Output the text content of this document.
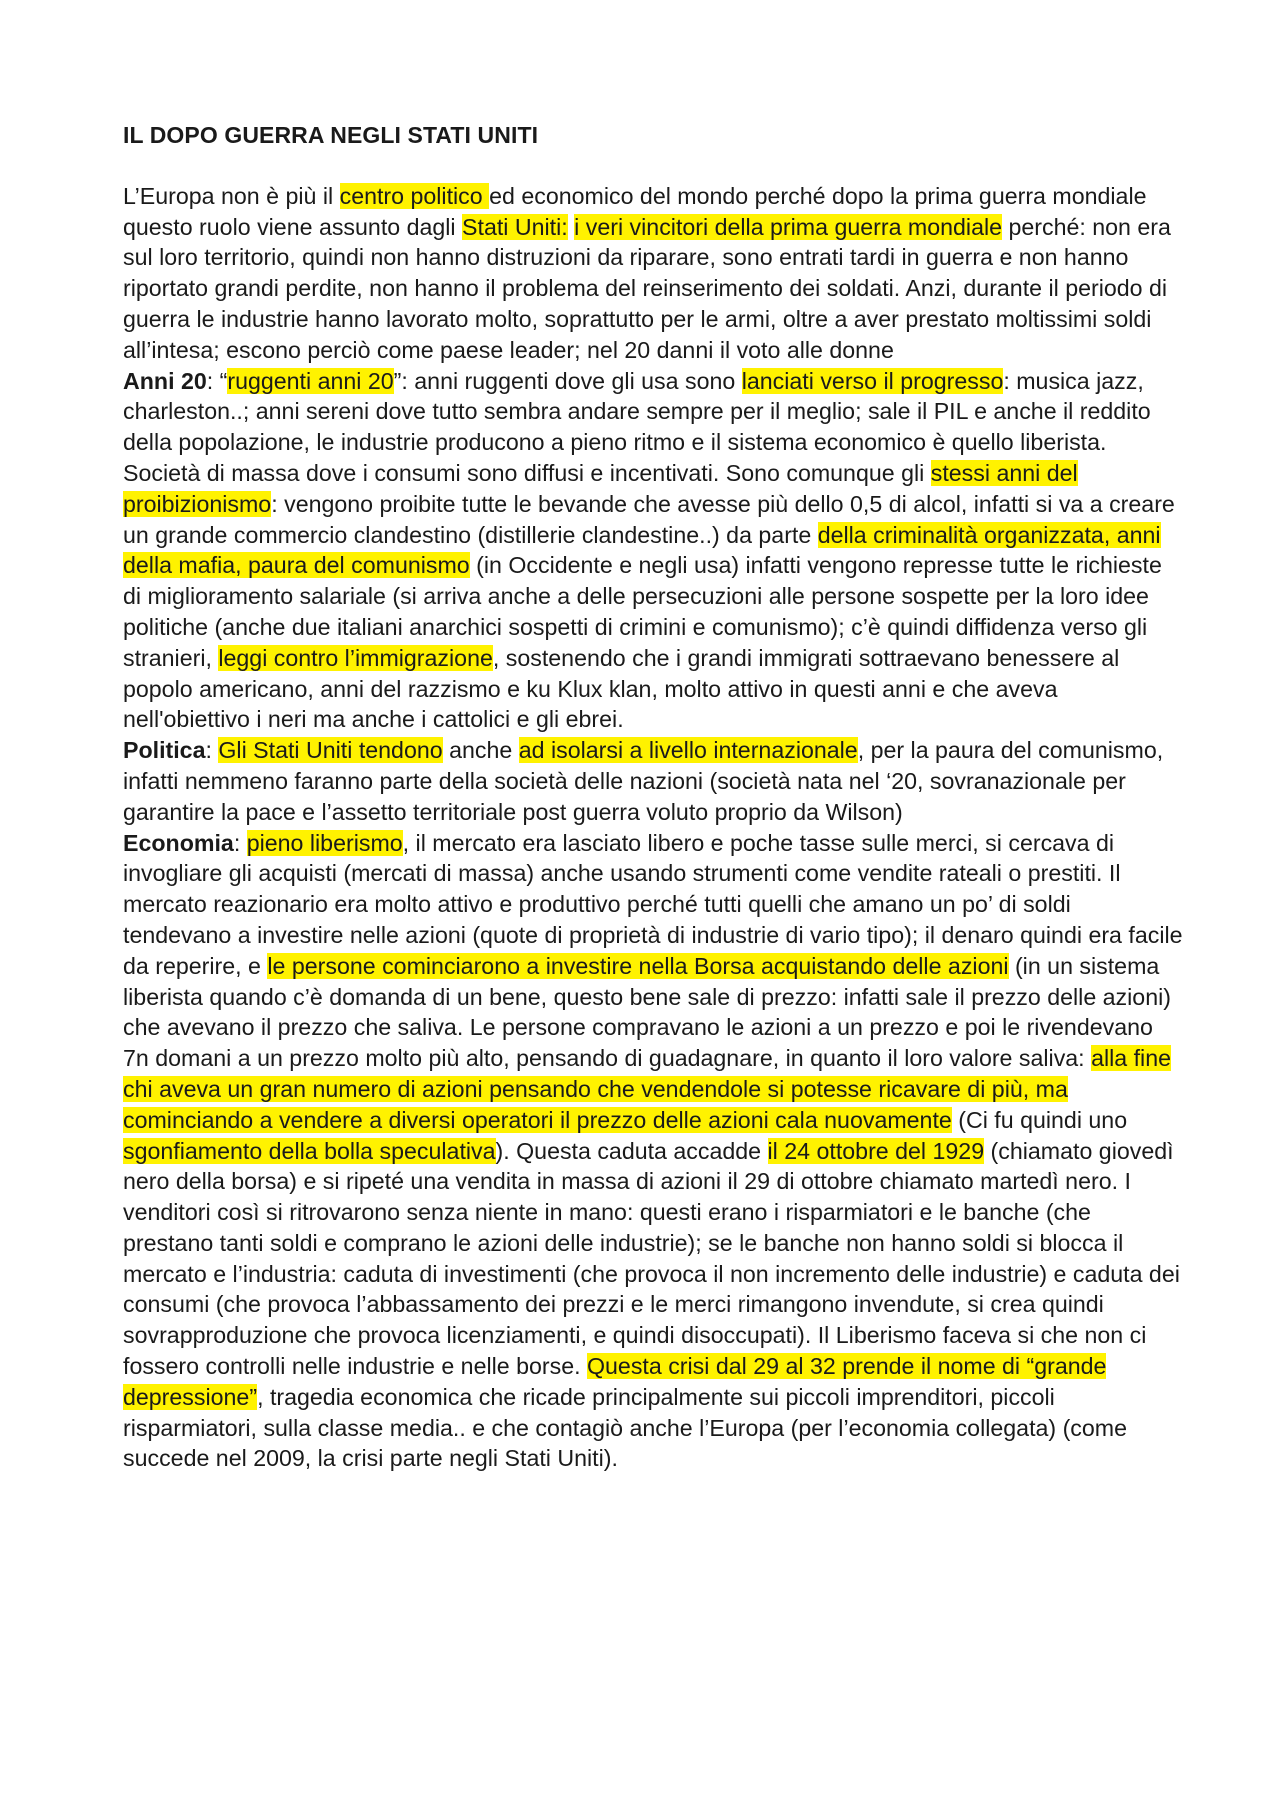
IL DOPO GUERRA NEGLI STATI UNITI

L’Europa non è più il centro politico ed economico del mondo perché dopo la prima guerra mondiale questo ruolo viene assunto dagli Stati Uniti: i veri vincitori della prima guerra mondiale perché: non era sul loro territorio, quindi non hanno distruzioni da riparare, sono entrati tardi in guerra e non hanno riportato grandi perdite, non hanno il problema del reinserimento dei soldati. Anzi, durante il periodo di guerra le industrie hanno lavorato molto, soprattutto per le armi, oltre a aver prestato moltissimi soldi all’intesa; escono perciò come paese leader; nel 20 danni il voto alle donne

Anni 20: “ruggenti anni 20”: anni ruggenti dove gli usa sono lanciati verso il progresso: musica jazz, charleston..; anni sereni dove tutto sembra andare sempre per il meglio; sale il PIL e anche il reddito della popolazione, le industrie producono a pieno ritmo e il sistema economico è quello liberista. Società di massa dove i consumi sono diffusi e incentivati. Sono comunque gli stessi anni del proibizionismo: vengono proibite tutte le bevande che avesse più dello 0,5 di alcol, infatti si va a creare un grande commercio clandestino (distillerie clandestine..) da parte della criminalità organizzata, anni della mafia, paura del comunismo (in Occidente e negli usa) infatti vengono represse tutte le richieste di miglioramento salariale (si arriva anche a delle persecuzioni alle persone sospette per la loro idee politiche (anche due italiani anarchici sospetti di crimini e comunismo); c’è quindi diffidenza verso gli stranieri, leggi contro l’immigrazione, sostenendo che i grandi immigrati sottraevano benessere al popolo americano, anni del razzismo e ku Klux klan, molto attivo in questi anni e che aveva nell'obiettivo i neri ma anche i cattolici e gli ebrei.

Politica: Gli Stati Uniti tendono anche ad isolarsi a livello internazionale, per la paura del comunismo, infatti nemmeno faranno parte della società delle nazioni (società nata nel ‘20, sovranazionale per garantire la pace e l’assetto territoriale post guerra voluto proprio da Wilson)

Economia: pieno liberismo, il mercato era lasciato libero e poche tasse sulle merci, si cercava di invogliare gli acquisti (mercati di massa) anche usando strumenti come vendite rateali o prestiti. Il mercato reazionario era molto attivo e produttivo perché tutti quelli che amano un po’ di soldi tendevano a investire nelle azioni (quote di proprietà di industrie di vario tipo); il denaro quindi era facile da reperire, e le persone cominciarono a investire nella Borsa acquistando delle azioni (in un sistema liberista quando c’è domanda di un bene, questo bene sale di prezzo: infatti sale il prezzo delle azioni) che avevano il prezzo che saliva. Le persone compravano le azioni a un prezzo e poi le rivendevano 7n domani a un prezzo molto più alto, pensando di guadagnare, in quanto il loro valore saliva: alla fine chi aveva un gran numero di azioni pensando che vendendole si potesse ricavare di più, ma cominciando a vendere a diversi operatori il prezzo delle azioni cala nuovamente (Ci fu quindi uno sgonfiamento della bolla speculativa). Questa caduta accadde il 24 ottobre del 1929 (chiamato giovedì nero della borsa) e si ripeté una vendita in massa di azioni il 29 di ottobre chiamato martedì nero. I venditori così si ritrovarono senza niente in mano: questi erano i risparmiatori e le banche (che prestano tanti soldi e comprano le azioni delle industrie); se le banche non hanno soldi si blocca il mercato e l’industria: caduta di investimenti (che provoca il non incremento delle industrie) e caduta dei consumi (che provoca l’abbassamento dei prezzi e le merci rimangono invendute, si crea quindi sovrapproduzione che provoca licenziamenti, e quindi disoccupati). Il Liberismo faceva si che non ci fossero controlli nelle industrie e nelle borse. Questa crisi dal 29 al 32 prende il nome di “grande depressione”, tragedia economica che ricade principalmente sui piccoli imprenditori, piccoli risparmiatori, sulla classe media.. e che contagiò anche l’Europa (per l’economia collegata) (come succede nel 2009, la crisi parte negli Stati Uniti).
